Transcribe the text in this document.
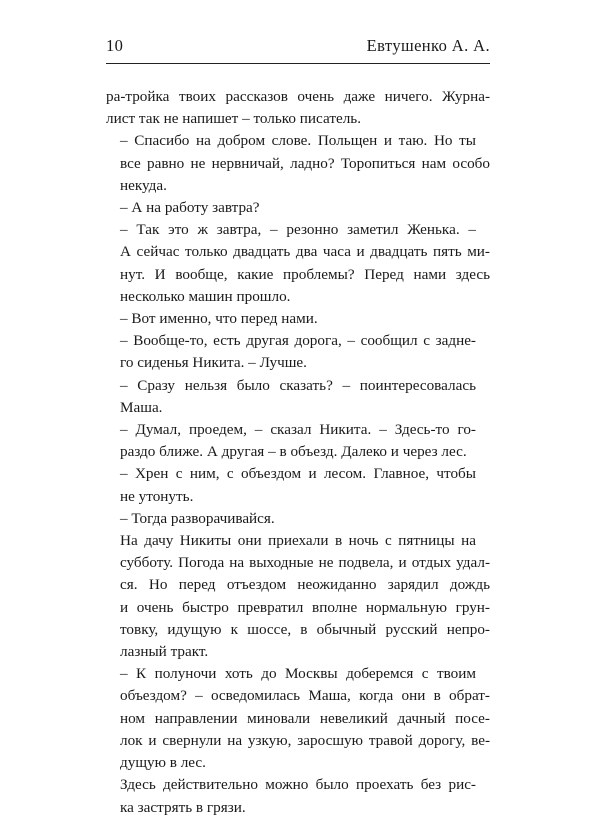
10	Евтушенко А. А.

ра-тройка твоих рассказов очень даже ничего. Журна-
лист так не напишет – только писатель.

– Спасибо на добром слове. Польщен и таю. Но ты
все равно не нервничай, ладно? Торопиться нам особо
некуда.

– А на работу завтра?

– Так это ж завтра, – резонно заметил Женька. –
А сейчас только двадцать два часа и двадцать пять ми-
нут. И вообще, какие проблемы? Перед нами здесь
несколько машин прошло.

– Вот именно, что перед нами.

– Вообще-то, есть другая дорога, – сообщил с задне-
го сиденья Никита. – Лучше.

– Сразу нельзя было сказать? – поинтересовалась
Маша.

– Думал, проедем, – сказал Никита. – Здесь-то го-
раздо ближе. А другая – в объезд. Далеко и через лес.

– Хрен с ним, с объездом и лесом. Главное, чтобы
не утонуть.

– Тогда разворачивайся.

На дачу Никиты они приехали в ночь с пятницы на
субботу. Погода на выходные не подвела, и отдых удал-
ся. Но перед отъездом неожиданно зарядил дождь
и очень быстро превратил вполне нормальную грун-
товку, идущую к шоссе, в обычный русский непро-
лазный тракт.

– К полуночи хоть до Москвы доберемся с твоим
объездом? – осведомилась Маша, когда они в обрат-
ном направлении миновали невеликий дачный посе-
лок и свернули на узкую, заросшую травой дорогу, ве-
дущую в лес.

Здесь действительно можно было проехать без рис-
ка застрять в грязи.
